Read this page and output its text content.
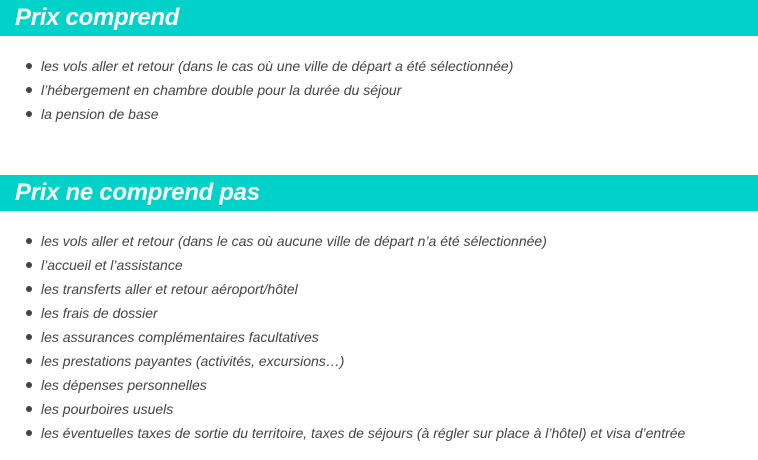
Prix comprend
les vols aller et retour (dans le cas où une ville de départ a été sélectionnée)
l’hébergement en chambre double pour la durée du séjour
la pension de base
Prix ne comprend pas
les vols aller et retour (dans le cas où aucune ville de départ n’a été sélectionnée)
l’accueil et l’assistance
les transferts aller et retour aéroport/hôtel
les frais de dossier
les assurances complémentaires facultatives
les prestations payantes (activités, excursions…)
les dépenses personnelles
les pourboires usuels
les éventuelles taxes de sortie du territoire, taxes de séjours (à régler sur place à l’hôtel) et visa d’entrée
